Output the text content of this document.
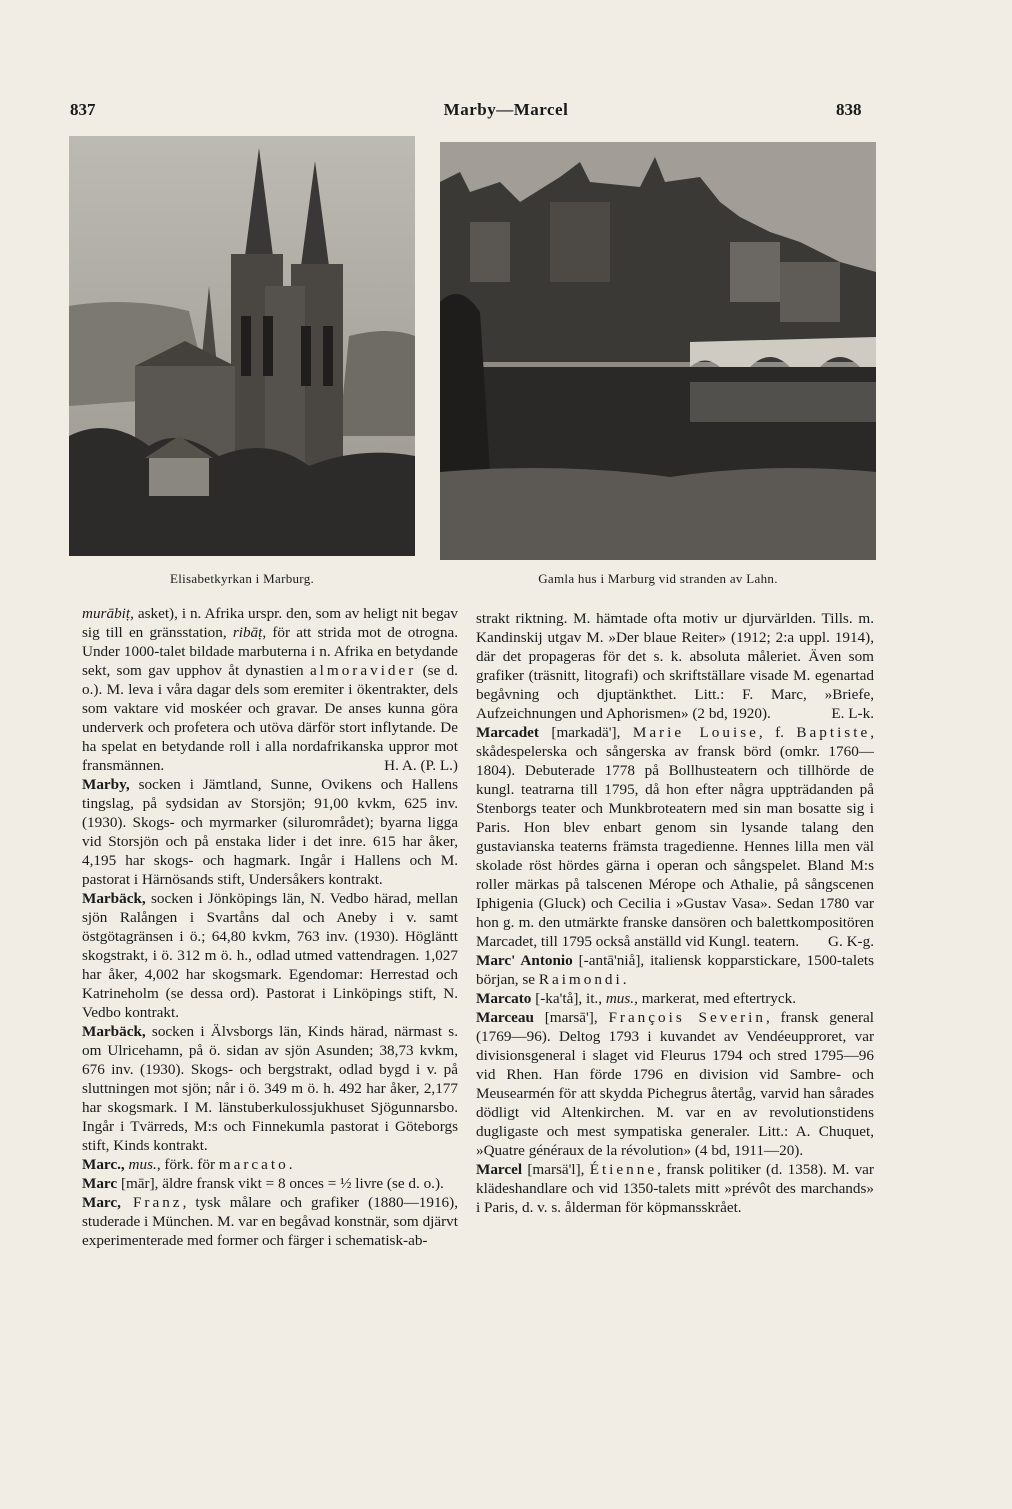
837	Marby—Marcel	838
Elisabetkyrkan i Marburg.	Gamla hus i Marburg vid stranden av Lahn.

murābiṭ, asket), i n. Afrika urspr. den, som av heligt nit begav sig till en gränsstation, ribāṭ, för att strida mot de otrogna. Under 1000-talet bildade marbuterna i n. Afrika en betydande sekt, som gav upphov åt dynastien almoravider (se d. o.). M. leva i våra dagar dels som eremiter i ökentrakter, dels som vaktare vid moskéer och gravar. De anses kunna göra underverk och profetera och utöva därför stort inflytande. De ha spelat en betydande roll i alla nordafrikanska uppror mot fransmännen.	H. A. (P. L.)

Marby, socken i Jämtland, Sunne, Ovikens och Hallens tingslag, på sydsidan av Storsjön; 91,00 kvkm, 625 inv. (1930). Skogs- och myrmarker (silurområdet); byarna ligga vid Storsjön och på enstaka lider i det inre. 615 har åker, 4,195 har skogs- och hagmark. Ingår i Hallens och M. pastorat i Härnösands stift, Undersåkers kontrakt.

Marbäck, socken i Jönköpings län, N. Vedbo härad, mellan sjön Ralången i Svartåns dal och Aneby i v. samt östgötagränsen i ö.; 64,80 kvkm, 763 inv. (1930). Högläntt skogstrakt, i ö. 312 m ö. h., odlad utmed vattendragen. 1,027 har åker, 4,002 har skogsmark. Egendomar: Herrestad och Katrineholm (se dessa ord). Pastorat i Linköpings stift, N. Vedbo kontrakt.

Marbäck, socken i Älvsborgs län, Kinds härad, närmast s. om Ulricehamn, på ö. sidan av sjön Asunden; 38,73 kvkm, 676 inv. (1930). Skogs- och bergstrakt, odlad bygd i v. på sluttningen mot sjön; når i ö. 349 m ö. h. 492 har åker, 2,177 har skogsmark. I M. länstuberkulossjukhuset Sjögunnarsbo. Ingår i Tvärreds, M:s och Finnekumla pastorat i Göteborgs stift, Kinds kontrakt.

Marc., mus., förk. för marcato.

Marc [mār], äldre fransk vikt = 8 onces = ½ livre (se d. o.).

Marc, Franz, tysk målare och grafiker (1880—1916), studerade i München. M. var en begåvad konstnär, som djärvt experimenterade med former och färger i schematisk-ab-

strakt riktning. M. hämtade ofta motiv ur djurvärlden. Tills. m. Kandinskij utgav M. »Der blaue Reiter» (1912; 2:a uppl. 1914), där det propageras för det s. k. absoluta måleriet. Även som grafiker (träsnitt, litografi) och skriftställare visade M. egenartad begåvning och djuptänkthet. Litt.: F. Marc, »Briefe, Aufzeichnungen und Aphorismen» (2 bd, 1920).	E. L-k.

Marcadet [markadä'], Marie Louise, f. Baptiste, skådespelerska och sångerska av fransk börd (omkr. 1760—1804). Debuterade 1778 på Bollhusteatern och tillhörde de kungl. teatrarna till 1795, då hon efter några uppträdanden på Stenborgs teater och Munkbroteatern med sin man bosatte sig i Paris. Hon blev enbart genom sin lysande talang den gustavianska teaterns främsta tragedienne. Hennes lilla men väl skolade röst hördes gärna i operan och sångspelet. Bland M:s roller märkas på talscenen Mérope och Athalie, på sångscenen Iphigenia (Gluck) och Cecilia i »Gustav Vasa». Sedan 1780 var hon g. m. den utmärkte franske dansören och balettkompositören Marcadet, till 1795 också anställd vid Kungl. teatern. G. K-g.

Marc' Antonio [-antā'niå], italiensk kopparstickare, 1500-talets början, se Raimondi.

Marcato [-ka'tå], it., mus., markerat, med eftertryck.

Marceau [marsā'], François Severin, fransk general (1769—96). Deltog 1793 i kuvandet av Vendéeupproret, var divisionsgeneral i slaget vid Fleurus 1794 och stred 1795—96 vid Rhen. Han förde 1796 en division vid Sambre- och Meusearmén för att skydda Pichegrus återtåg, varvid han sårades dödligt vid Altenkirchen. M. var en av revolutionstidens dugligaste och mest sympatiska generaler. Litt.: A. Chuquet, »Quatre généraux de la révolution» (4 bd, 1911—20).

Marcel [marsä'l], Étienne, fransk politiker (d. 1358). M. var klädeshandlare och vid 1350-talets mitt »prévôt des marchands» i Paris, d. v. s. ålderman för köpmansskrået.
